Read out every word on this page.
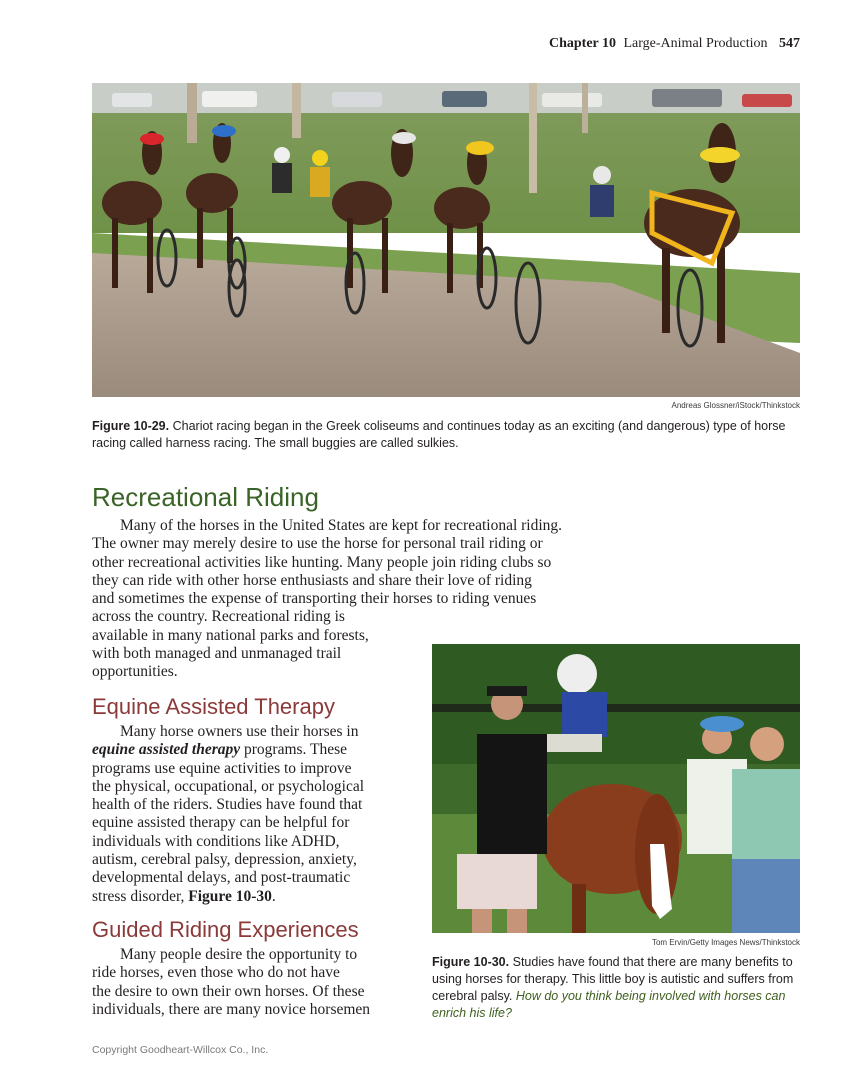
Chapter 10 Large-Animal Production 547
Andreas Glossner/iStock/Thinkstock
Figure 10-29. Chariot racing began in the Greek coliseums and continues today as an exciting (and dangerous) type of horse racing called harness racing. The small buggies are called sulkies.
Recreational Riding
Many of the horses in the United States are kept for recreational riding.
The owner may merely desire to use the horse for personal trail riding or
other recreational activities like hunting. Many people join riding clubs so
they can ride with other horse enthusiasts and share their love of riding
and sometimes the expense of transporting their horses to riding venues
across the country. Recreational riding is
available in many national parks and forests,
with both managed and unmanaged trail
opportunities.
Equine Assisted Therapy
Many horse owners use their horses in
equine assisted therapy programs. These
programs use equine activities to improve
the physical, occupational, or psychological
health of the riders. Studies have found that
equine assisted therapy can be helpful for
individuals with conditions like ADHD,
autism, cerebral palsy, depression, anxiety,
developmental delays, and post-traumatic
stress disorder, Figure 10-30.
Guided Riding Experiences
Many people desire the opportunity to
ride horses, even those who do not have
the desire to own their own horses. Of these
individuals, there are many novice horsemen
Tom Ervin/Getty Images News/Thinkstock
Figure 10-30. Studies have found that there are many benefits to using horses for therapy. This little boy is autistic and suffers from cerebral palsy. How do you think being involved with horses can enrich his life?
Copyright Goodheart-Willcox Co., Inc.
